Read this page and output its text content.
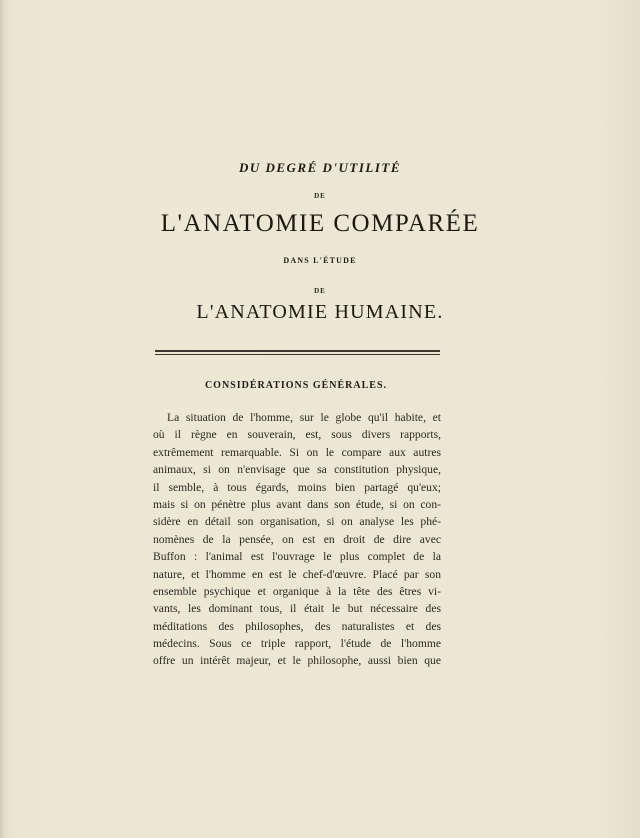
DU DEGRÉ D'UTILITÉ
DE
L'ANATOMIE COMPARÉE
DANS L'ÉTUDE
DE
L'ANATOMIE HUMAINE.
CONSIDÉRATIONS GÉNÉRALES.
La situation de l'homme, sur le globe qu'il habite, et
où il règne en souverain, est, sous divers rapports,
extrêmement remarquable. Si on le compare aux autres
animaux, si on n'envisage que sa constitution physique,
il semble, à tous égards, moins bien partagé qu'eux;
mais si on pénètre plus avant dans son étude, si on con-
sidère en détail son organisation, si on analyse les phé-
nomènes de la pensée, on est en droit de dire avec
Buffon : l'animal est l'ouvrage le plus complet de la
nature, et l'homme en est le chef-d'œuvre. Placé par son
ensemble psychique et organique à la tête des êtres vi-
vants, les dominant tous, il était le but nécessaire des
méditations des philosophes, des naturalistes et des
médecins. Sous ce triple rapport, l'étude de l'homme
offre un intérêt majeur, et le philosophe, aussi bien que
